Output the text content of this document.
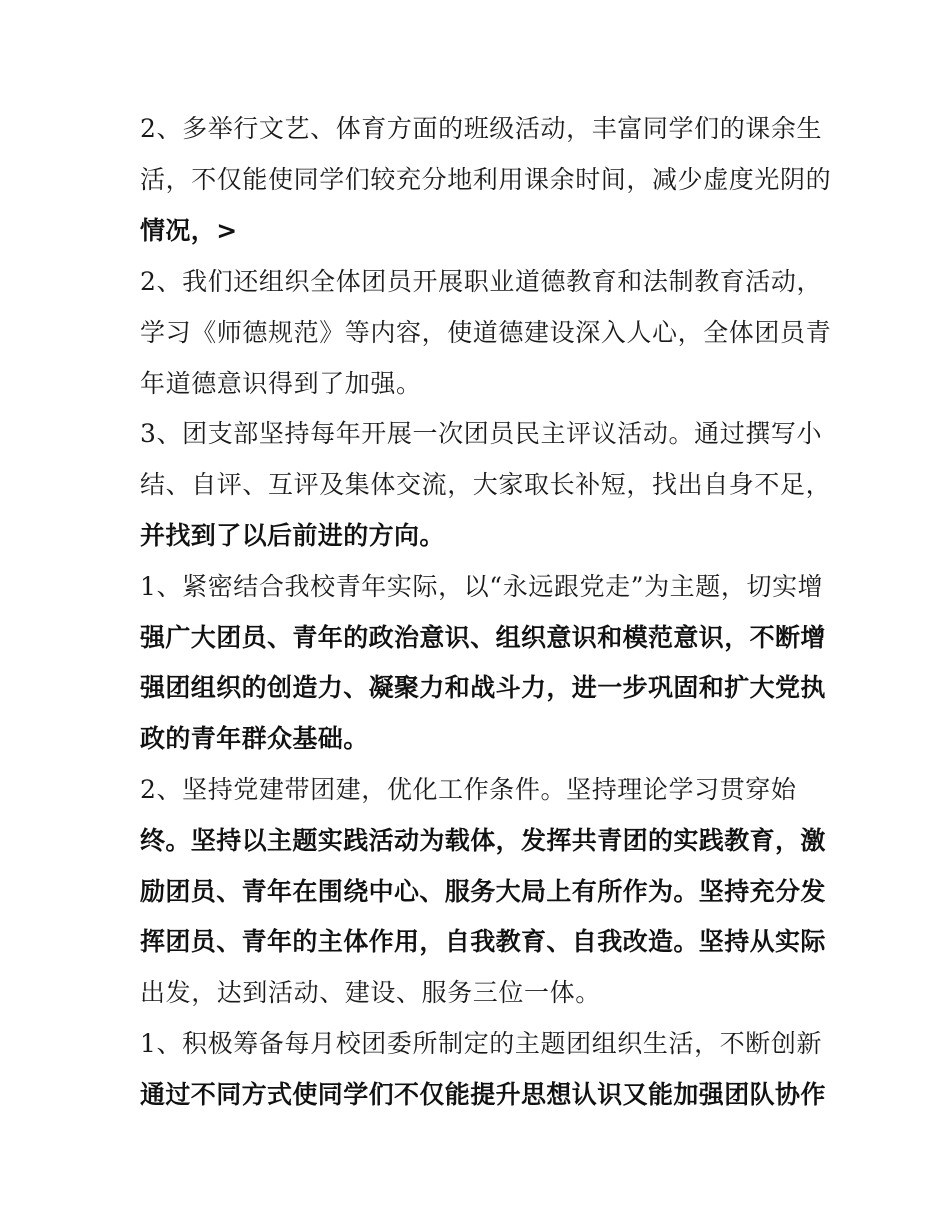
2、多举行文艺、体育方面的班级活动，丰富同学们的课余生
活，不仅能使同学们较充分地利用课余时间，减少虚度光阴的
情况，>
2、我们还组织全体团员开展职业道德教育和法制教育活动，
学习《师德规范》等内容，使道德建设深入人心，全体团员青
年道德意识得到了加强。
3、团支部坚持每年开展一次团员民主评议活动。通过撰写小
结、自评、互评及集体交流，大家取长补短，找出自身不足，
并找到了以后前进的方向。
1、紧密结合我校青年实际，以“永远跟党走”为主题，切实增
强广大团员、青年的政治意识、组织意识和模范意识，不断增
强团组织的创造力、凝聚力和战斗力，进一步巩固和扩大党执
政的青年群众基础。
2、坚持党建带团建，优化工作条件。坚持理论学习贯穿始
终。坚持以主题实践活动为载体，发挥共青团的实践教育，激
励团员、青年在围绕中心、服务大局上有所作为。坚持充分发
挥团员、青年的主体作用，自我教育、自我改造。坚持从实际
出发，达到活动、建设、服务三位一体。
1、积极筹备每月校团委所制定的主题团组织生活，不断创新
通过不同方式使同学们不仅能提升思想认识又能加强团队协作
